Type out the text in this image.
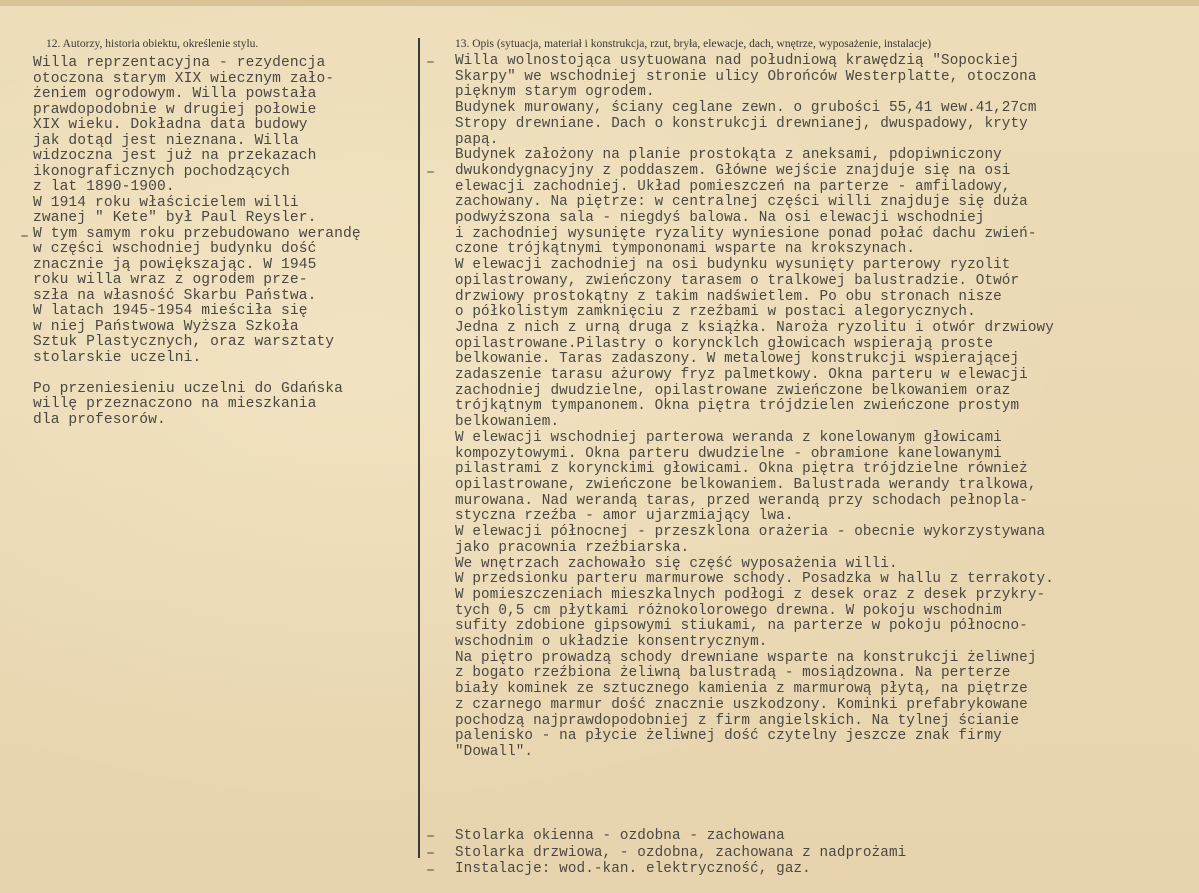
12. Autorzy, historia obiektu, określenie stylu.	13. Opis (sytuacja, materiał i konstrukcja, rzut, bryła, elewacje, dach, wnętrze, wyposażenie, instalacje)
Willa reprzentacyjna - rezydencja
otoczona starym XIX wiecznym zało-
żeniem ogrodowym. Willa powstała
prawdopodobnie w drugiej połowie
XIX wieku. Dokładna data budowy
jak dotąd jest nieznana. Willa
widzoczna jest już na przekazach
ikonograficznych pochodzących
z lat 1890-1900.
W 1914 roku właścicielem willi
zwanej " Kete" był Paul Reysler.
W tym samym roku przebudowano werandę
w części wschodniej budynku dość
znacznie ją powiększając. W 1945
roku willa wraz z ogrodem prze-
szła na własność Skarbu Państwa.
W latach 1945-1954 mieściła się
w niej Państwowa Wyższa Szkoła
Sztuk Plastycznych, oraz warsztaty
stolarskie uczelni.

Po przeniesieniu uczelni do Gdańska
willę przeznaczono na mieszkania
dla profesorów.
Willa wolnostojąca usytuowana nad południową krawędzią "Sopockiej
Skarpy" we wschodniej stronie ulicy Obrońców Westerplatte, otoczona
pięknym starym ogrodem.
Budynek murowany, ściany ceglane zewn. o grubości 55,41 wew.41,27cm
Stropy drewniane. Dach o konstrukcji drewnianej, dwuspadowy, kryty
papą.
Budynek założony na planie prostokąta z aneksami, pdopiwniczony
dwukondygnacyjny z poddaszem. Główne wejście znajduje się na osi
elewacji zachodniej. Układ pomieszczeń na parterze - amfiladowy,
zachowany. Na piętrze: w centralnej części willi znajduje się duża
podwyższona sala - niegdyś balowa. Na osi elewacji wschodniej
i zachodniej wysunięte ryzality wyniesione ponad połać dachu zwień-
czone trójkątnymi tympononami wsparte na krokszynach.
W elewacji zachodniej na osi budynku wysunięty parterowy ryzolit
opilastrowany, zwieńczony tarasem o tralkowej balustradzie. Otwór
drzwiowy prostokątny z takim nadświetlem. Po obu stronach nisze
o półkolistym zamknięciu z rzeźbami w postaci alegorycznych.
Jedna z nich z urną druga z książka. Naroża ryzolitu i otwór drzwiowy
opilastrowane.Pilastry o koryncklch głowicach wspierają proste
belkowanie. Taras zadaszony. W metalowej konstrukcji wspierającej
zadaszenie tarasu ażurowy fryz palmetkowy. Okna parteru w elewacji
zachodniej dwudzielne, opilastrowane zwieńczone belkowaniem oraz
trójkątnym tympanonem. Okna piętra trójdzielen zwieńczone prostym
belkowaniem.
W elewacji wschodniej parterowa weranda z konelowanym głowicami
kompozytowymi. Okna parteru dwudzielne - obramione kanelowanymi
pilastrami z korynckimi głowicami. Okna piętra trójdzielne również
opilastrowane, zwieńczone belkowaniem. Balustrada werandy tralkowa,
murowana. Nad werandą taras, przed werandą przy schodach pełnopla-
styczna rzeźba - amor ujarzmiający lwa.
W elewacji północnej - przeszklona orażeria - obecnie wykorzystywana
jako pracownia rzeźbiarska.
We wnętrzach zachowało się część wyposażenia willi.
W przedsionku parteru marmurowe schody. Posadzka w hallu z terrakoty.
W pomieszczeniach mieszkalnych podłogi z desek oraz z desek przykry-
tych 0,5 cm płytkami różnokolorowego drewna. W pokoju wschodnim
sufity zdobione gipsowymi stiukami, na parterze w pokoju północno-
wschodnim o układzie konsentrycznym.
Na piętro prowadzą schody drewniane wsparte na konstrukcji żeliwnej
z bogato rzeźbiona żeliwną balustradą - mosiądzowna. Na perterze
biały kominek ze sztucznego kamienia z marmurową płytą, na piętrze
z czarnego marmur dość znacznie uszkodzony. Kominki prefabrykowane
pochodzą najprawdopodobniej z firm angielskich. Na tylnej ścianie
palenisko - na płycie żeliwnej dość czytelny jeszcze znak firmy
"Dowall".
Stolarka okienna - ozdobna - zachowana
Stolarka drzwiowa, - ozdobna, zachowana z nadprożami
Instalacje: wod.-kan. elektryczność, gaz.
–
–
–
–
–
–
